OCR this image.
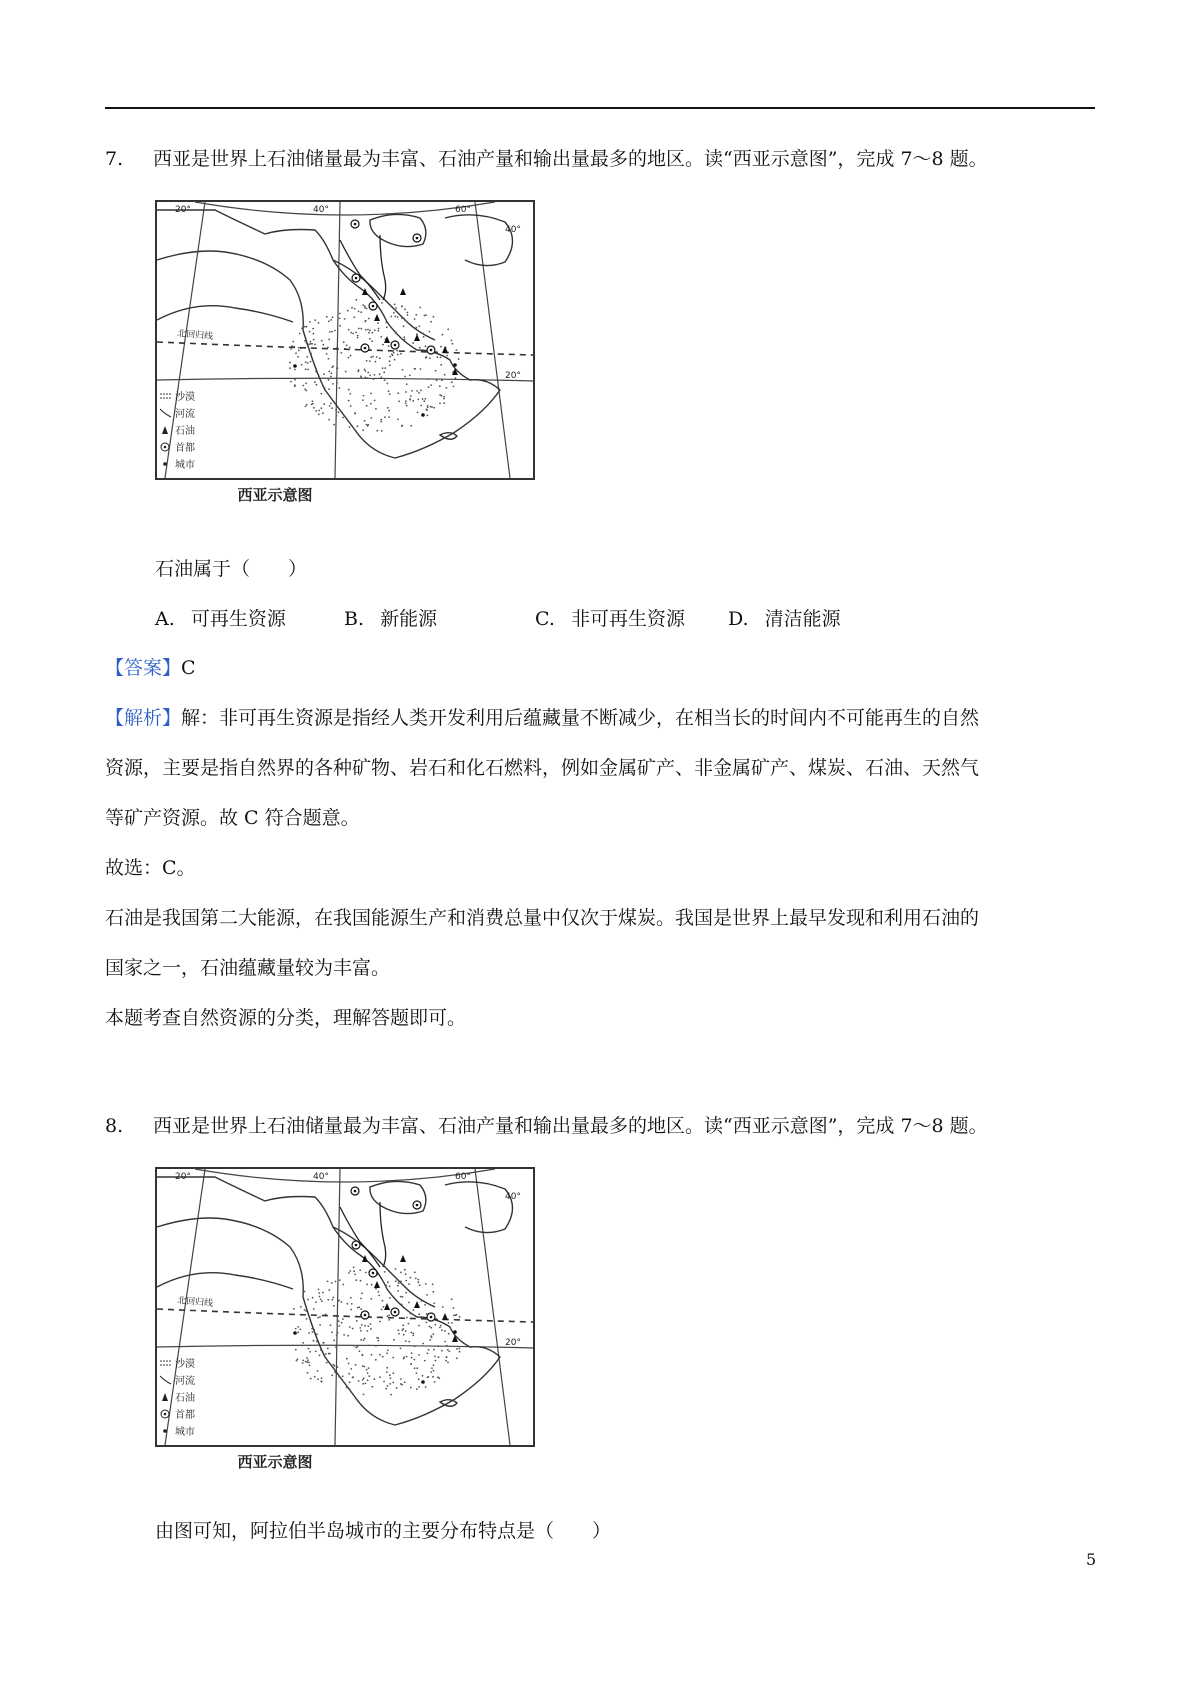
7. 西亚是世界上石油储量最为丰富、石油产量和输出量最多的地区。读“西亚示意图”，完成 7～8 题。
北回归线
20°	40°	60°
40°
20°
沙漠
河流
石油
首都
城市
西亚示意图
石油属于（　　）
A. 可再生资源	B. 新能源	C. 非可再生资源 D. 清洁能源
【答案】C
【解析】解：非可再生资源是指经人类开发利用后蕴藏量不断减少，在相当长的时间内不可能再生的自然
资源，主要是指自然界的各种矿物、岩石和化石燃料，例如金属矿产、非金属矿产、煤炭、石油、天然气
等矿产资源。故 C 符合题意。
故选：C。
石油是我国第二大能源，在我国能源生产和消费总量中仅次于煤炭。我国是世界上最早发现和利用石油的
国家之一，石油蕴藏量较为丰富。
本题考查自然资源的分类，理解答题即可。
8. 西亚是世界上石油储量最为丰富、石油产量和输出量最多的地区。读“西亚示意图”，完成 7～8 题。
北回归线
20°	40°	60°
40°
20°
沙漠
河流
石油
首都
城市
西亚示意图
由图可知，阿拉伯半岛城市的主要分布特点是（　　）
5
